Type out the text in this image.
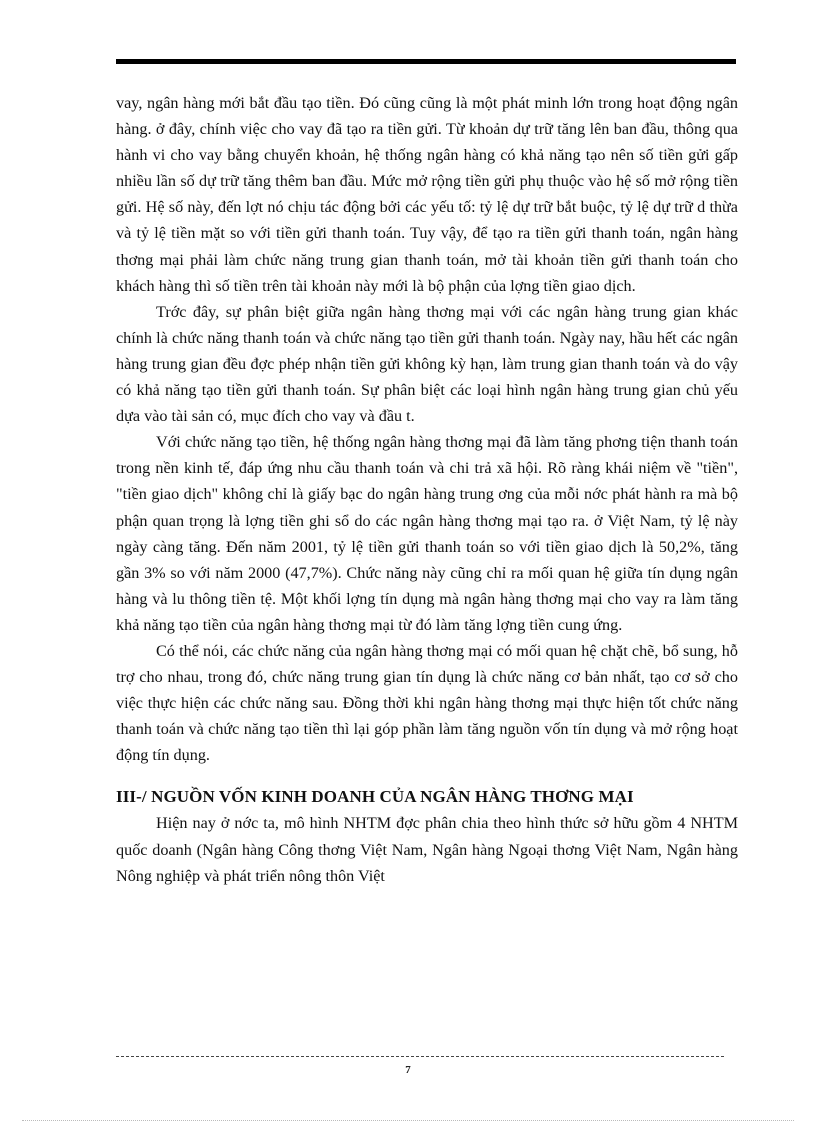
vay, ngân hàng mới bắt đầu tạo tiền. Đó cũng cũng là một phát minh lớn trong hoạt động ngân hàng. ở đây, chính việc cho vay đã tạo ra tiền gửi. Từ khoản dự trữ tăng lên ban đầu, thông qua hành vi cho vay bằng chuyển khoản, hệ thống ngân hàng có khả năng tạo nên số tiền gửi gấp nhiều lần số dự trữ tăng thêm ban đầu. Mức mở rộng tiền gửi phụ thuộc vào hệ số mở rộng tiền gửi. Hệ số này, đến lợt nó chịu tác động bởi các yếu tố: tỷ lệ dự trữ bắt buộc, tỷ lệ dự trữ d thừa và tỷ lệ tiền mặt so với tiền gửi thanh toán. Tuy vậy, để tạo ra tiền gửi thanh toán, ngân hàng thơng mại phải làm chức năng trung gian thanh toán, mở tài khoản tiền gửi thanh toán cho khách hàng thì số tiền trên tài khoản này mới là bộ phận của lợng tiền giao dịch.

Trớc đây, sự phân biệt giữa ngân hàng thơng mại với các ngân hàng trung gian khác chính là chức năng thanh toán và chức năng tạo tiền gửi thanh toán. Ngày nay, hầu hết các ngân hàng trung gian đều đợc phép nhận tiền gửi không kỳ hạn, làm trung gian thanh toán và do vậy có khả năng tạo tiền gửi thanh toán. Sự phân biệt các loại hình ngân hàng trung gian chủ yếu dựa vào tài sản có, mục đích cho vay và đầu t.

Với chức năng tạo tiền, hệ thống ngân hàng thơng mại đã làm tăng phơng tiện thanh toán trong nền kinh tế, đáp ứng nhu cầu thanh toán và chi trả xã hội. Rõ ràng khái niệm về "tiền", "tiền giao dịch" không chỉ là giấy bạc do ngân hàng trung ơng của mỗi nớc phát hành ra mà bộ phận quan trọng là lợng tiền ghi sổ do các ngân hàng thơng mại tạo ra. ở Việt Nam, tỷ lệ này ngày càng tăng. Đến năm 2001, tỷ lệ tiền gửi thanh toán so với tiền giao dịch là 50,2%, tăng gần 3% so với năm 2000 (47,7%). Chức năng này cũng chỉ ra mối quan hệ giữa tín dụng ngân hàng và lu thông tiền tệ. Một khối lợng tín dụng mà ngân hàng thơng mại cho vay ra làm tăng khả năng tạo tiền của ngân hàng thơng mại từ đó làm tăng lợng tiền cung ứng.

Có thể nói, các chức năng của ngân hàng thơng mại có mối quan hệ chặt chẽ, bổ sung, hỗ trợ cho nhau, trong đó, chức năng trung gian tín dụng là chức năng cơ bản nhất, tạo cơ sở cho việc thực hiện các chức năng sau. Đồng thời khi ngân hàng thơng mại thực hiện tốt chức năng thanh toán và chức năng tạo tiền thì lại góp phần làm tăng nguồn vốn tín dụng và mở rộng hoạt động tín dụng.

III-/ NGUỒN VỐN KINH DOANH CỦA NGÂN HÀNG THƠNG MẠI

Hiện nay ở nớc ta, mô hình NHTM đợc phân chia theo hình thức sở hữu gồm 4 NHTM quốc doanh (Ngân hàng Công thơng Việt Nam, Ngân hàng Ngoại thơng Việt Nam, Ngân hàng Nông nghiệp và phát triển nông thôn Việt

7
